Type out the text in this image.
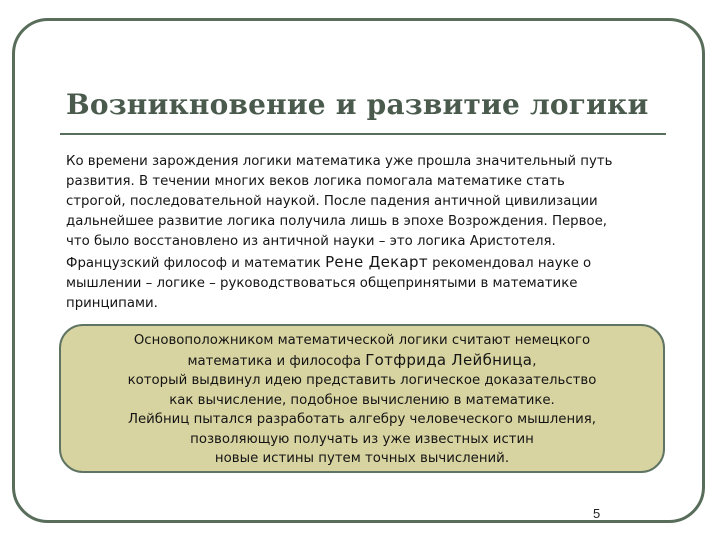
Возникновение и развитие логики

Ко времени зарождения логики математика уже прошла значительный путь
развития. В течении многих веков логика помогала математике стать
строгой, последовательной наукой. После падения античной цивилизации
дальнейшее развитие логика получила лишь в эпохе Возрождения. Первое,
что было восстановлено из античной науки – это логика Аристотеля.
Французский философ и математик Рене Декарт рекомендовал науке о
мышлении – логике – руководствоваться общепринятыми в математике
принципами.

Основоположником математической логики считают немецкого
математика и философа Готфрида Лейбница,
который выдвинул идею представить логическое доказательство
как вычисление, подобное вычислению в математике.
Лейбниц пытался разработать алгебру человеческого мышления,
позволяющую получать из уже известных истин
новые истины путем точных вычислений.

5
